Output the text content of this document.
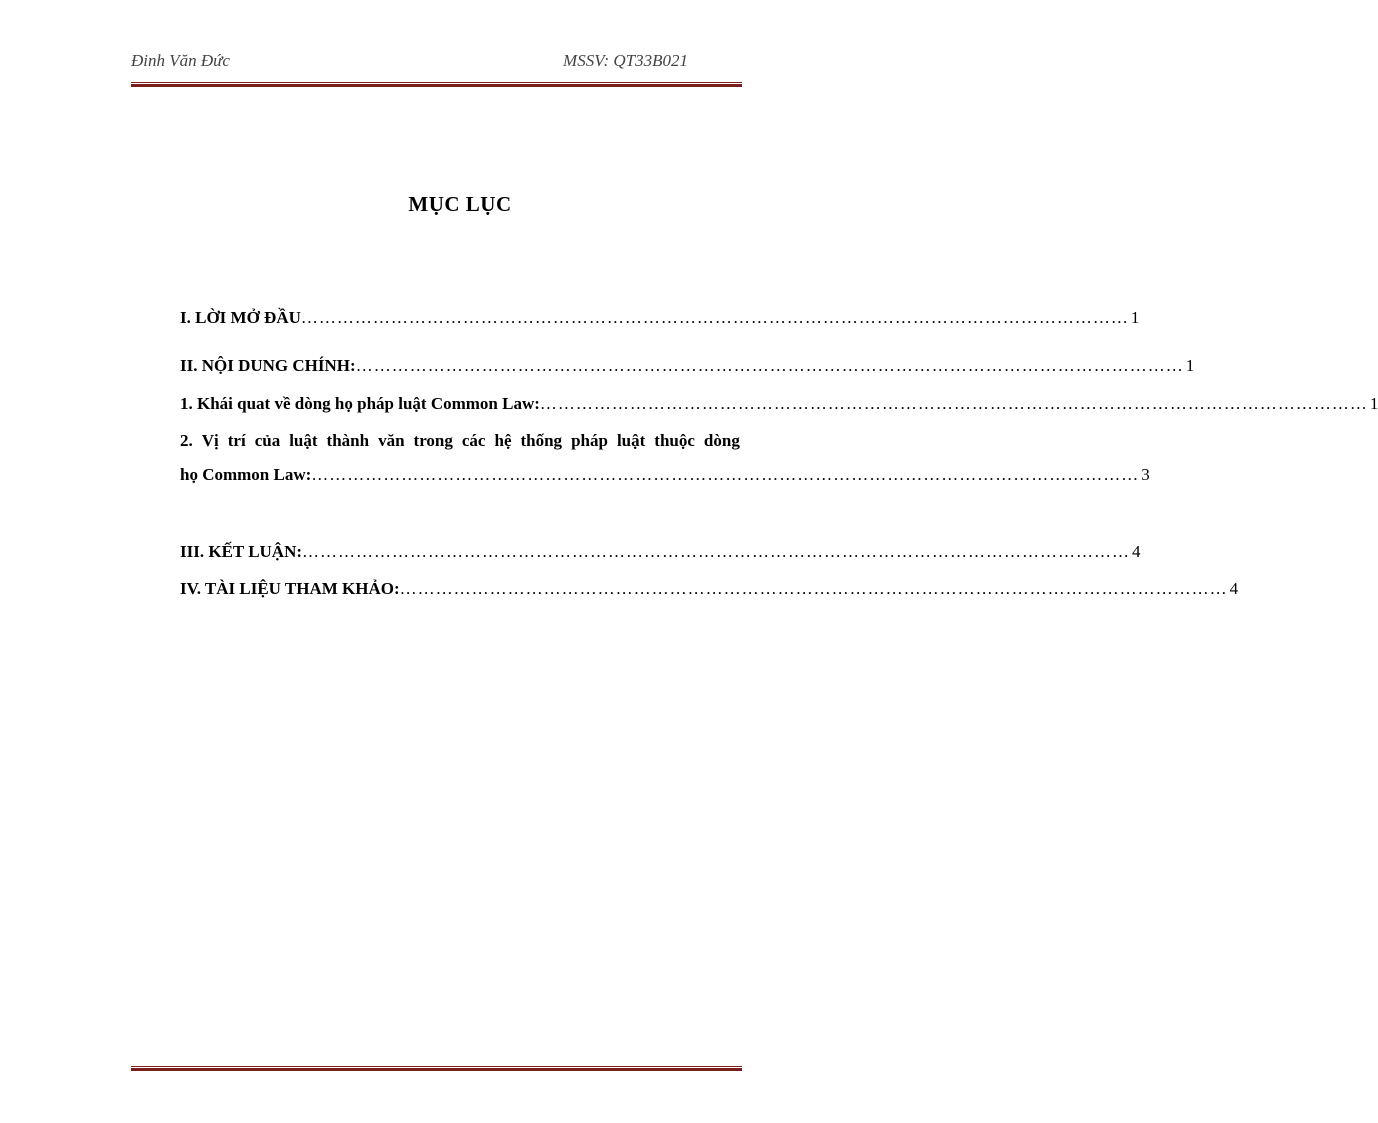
Đinh Văn Đức	MSSV: QT33B021
MỤC LỤC
I. LỜI MỞ ĐẦU ………………………………………………………………………………………………………………………… 1
II. NỘI DUNG CHÍNH: ………………………………………………………………………………………………………………………… 1
1. Khái quat về dòng họ pháp luật Common Law: ………………………………………………………………………………………………………………………… 1
2. Vị trí của luật thành văn trong các hệ thống pháp luật thuộc dòng
họ Common Law: ………………………………………………………………………………………………………………………… 3
III. KẾT LUẬN: ………………………………………………………………………………………………………………………… 4
IV. TÀI LIỆU THAM KHẢO: ………………………………………………………………………………………………………………………… 4
